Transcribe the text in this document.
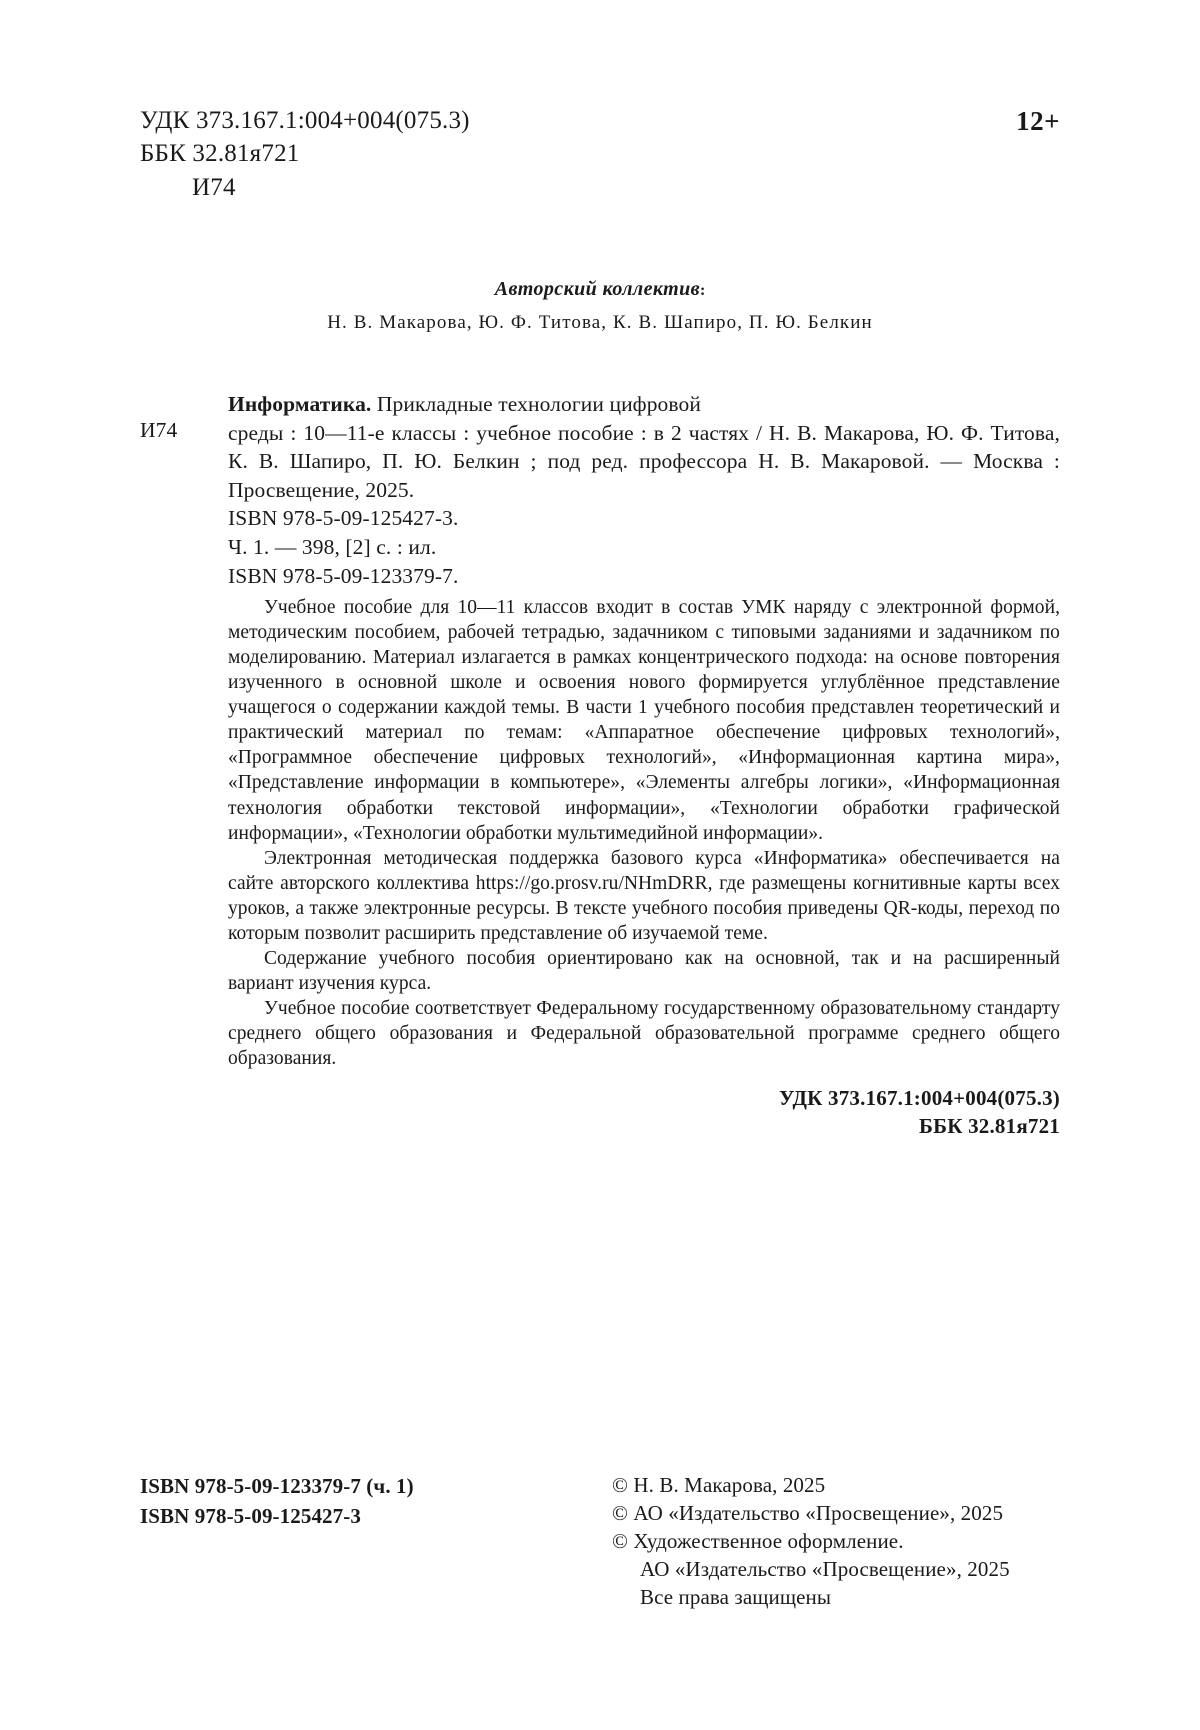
УДК 373.167.1:004+004(075.3)
ББК 32.81я721
И74
12+
Авторский коллектив:
Н. В. Макарова, Ю. Ф. Титова, К. В. Шапиро, П. Ю. Белкин
И74

Информатика. Прикладные технологии цифровой

среды : 10—11-е классы : учебное пособие : в 2 частях / Н. В. Макарова, Ю. Ф. Титова, К. В. Шапиро, П. Ю. Белкин ; под ред. профессора Н. В. Макаровой. — Москва : Просвещение, 2025.

ISBN 978-5-09-125427-3.
Ч. 1. — 398, [2] с. : ил.
ISBN 978-5-09-123379-7.

Учебное пособие для 10—11 классов входит в состав УМК наряду с электронной формой, методическим пособием, рабочей тетрадью, задачником с типовыми заданиями и задачником по моделированию. Материал излагается в рамках концентрического подхода: на основе повторения изученного в основной школе и освоения нового формируется углублённое представление учащегося о содержании каждой темы. В части 1 учебного пособия представлен теоретический и практический материал по темам: «Аппаратное обеспечение цифровых технологий», «Программное обеспечение цифровых технологий», «Информационная картина мира», «Представление информации в компьютере», «Элементы алгебры логики», «Информационная технология обработки текстовой информации», «Технологии обработки графической информации», «Технологии обработки мультимедийной информации».

Электронная методическая поддержка базового курса «Информатика» обеспечивается на сайте авторского коллектива https://go.prosv.ru/NHmDRR, где размещены когнитивные карты всех уроков, а также электронные ресурсы. В тексте учебного пособия приведены QR-коды, переход по которым позволит расширить представление об изучаемой теме.

Содержание учебного пособия ориентировано как на основной, так и на расширенный вариант изучения курса.

Учебное пособие соответствует Федеральному государственному образовательному стандарту среднего общего образования и Федеральной образовательной программе среднего общего образования.

УДК 373.167.1:004+004(075.3)
ББК 32.81я721
ISBN 978-5-09-123379-7 (ч. 1)
ISBN 978-5-09-125427-3
© Н. В. Макарова, 2025
© АО «Издательство «Просвещение», 2025
© Художественное оформление.
АО «Издательство «Просвещение», 2025
Все права защищены
